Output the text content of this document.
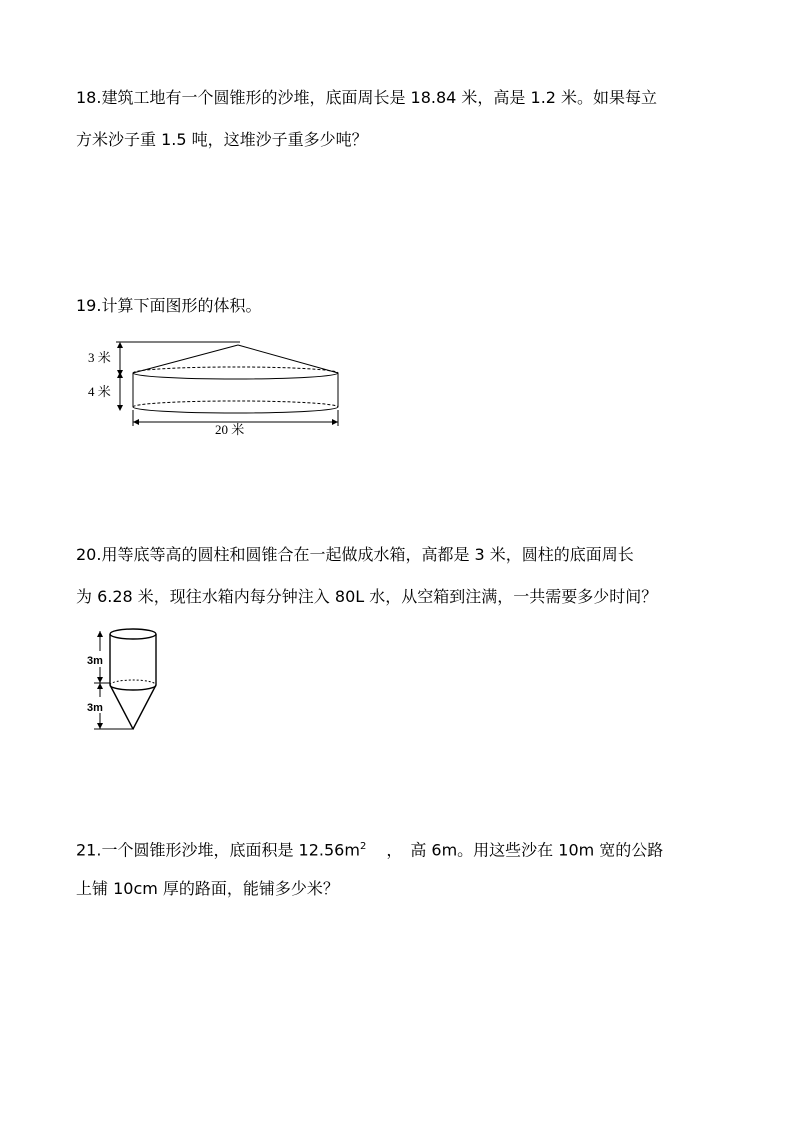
18.建筑工地有一个圆锥形的沙堆，底面周长是 18.84 米，高是 1.2 米。如果每立
方米沙子重 1.5 吨，这堆沙子重多少吨？
19.计算下面图形的体积。
3 米
4 米
20 米
20.用等底等高的圆柱和圆锥合在一起做成水箱，高都是 3 米，圆柱的底面周长
为 6.28 米，现往水箱内每分钟注入 80L 水，从空箱到注满，一共需要多少时间？
3m
3m
21.一个圆锥形沙堆，底面积是 $12.56m^2$ ， 高 6m。用这些沙在 10m 宽的公路
上铺 10cm 厚的路面，能铺多少米？
